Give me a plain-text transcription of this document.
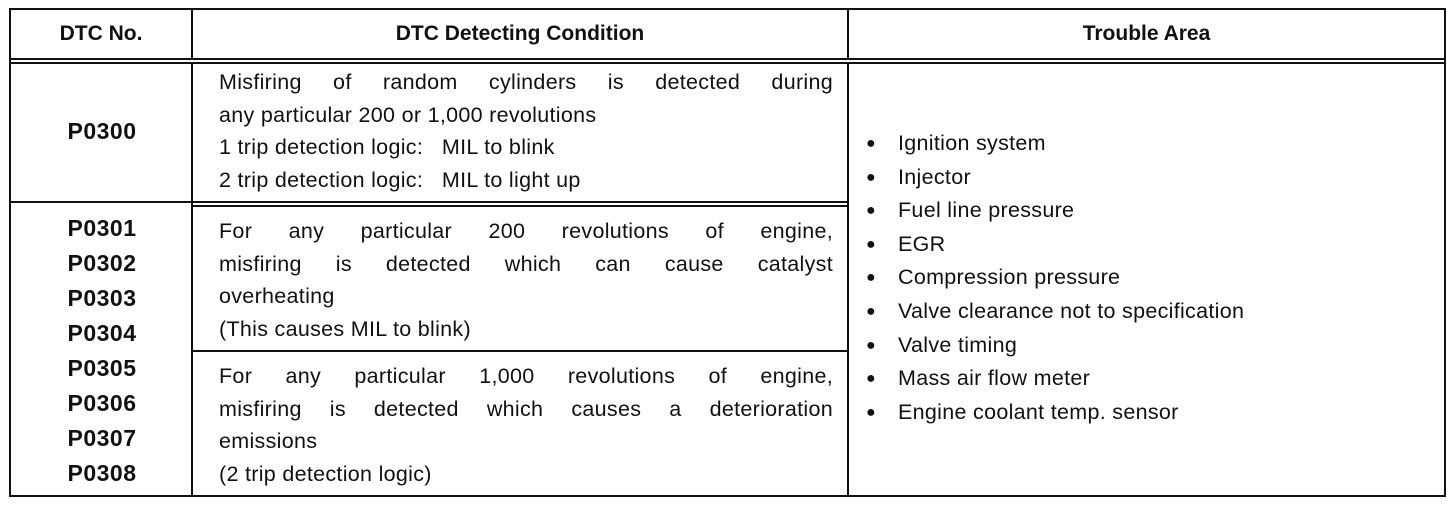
DTC No.	DTC Detecting Condition	Trouble Area
P0300
Misfiring of random cylinders is detected during
any particular 200 or 1,000 revolutions
1 trip detection logic:   MIL to blink
2 trip detection logic:   MIL to light up
P0301
P0302
P0303
P0304
P0305
P0306
P0307
P0308
For any particular 200 revolutions of engine,
misfiring is detected which can cause catalyst
overheating
(This causes MIL to blink)
For any particular 1,000 revolutions of engine,
misfiring is detected which causes a deterioration
emissions
(2 trip detection logic)
● Ignition system
● Injector
● Fuel line pressure
● EGR
● Compression pressure
● Valve clearance not to specification
● Valve timing
● Mass air flow meter
● Engine coolant temp. sensor
